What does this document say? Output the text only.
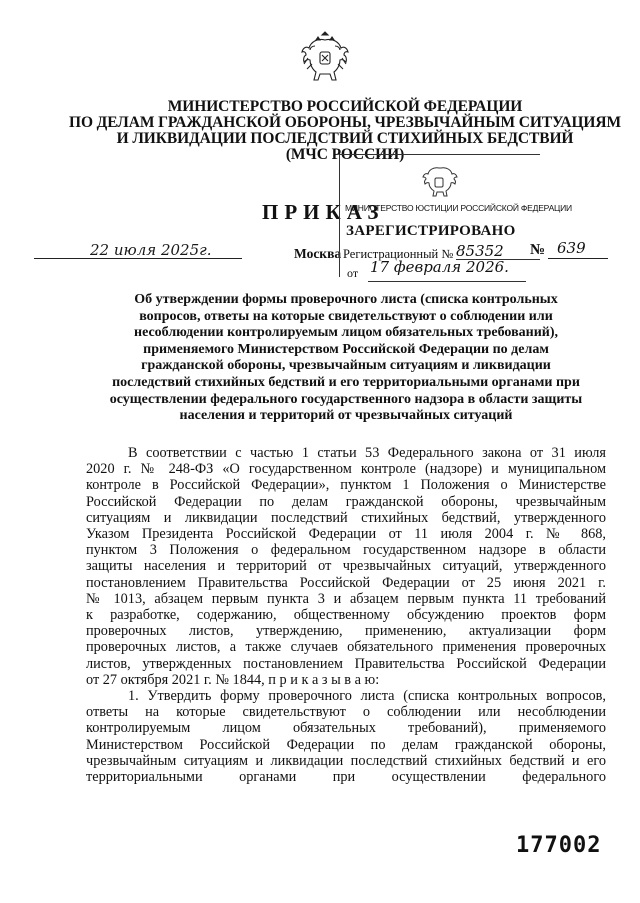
МИНИСТЕРСТВО РОССИЙСКОЙ ФЕДЕРАЦИИ
ПО ДЕЛАМ ГРАЖДАНСКОЙ ОБОРОНЫ, ЧРЕЗВЫЧАЙНЫМ СИТУАЦИЯМ
И ЛИКВИДАЦИИ ПОСЛЕДСТВИЙ СТИХИЙНЫХ БЕДСТВИЙ
(МЧС РОССИИ)
ПРИКАЗ
22 июля 2025г.	Москва	№ 639
МИНИСТЕРСТВО ЮСТИЦИИ РОССИЙСКОЙ ФЕДЕРАЦИИ
ЗАРЕГИСТРИРОВАНО
Регистрационный № 85352
от 17 февраля 2026.
Об утверждении формы проверочного листа (списка контрольных
вопросов, ответы на которые свидетельствуют о соблюдении или
несоблюдении контролируемым лицом обязательных требований),
применяемого Министерством Российской Федерации по делам
гражданской обороны, чрезвычайным ситуациям и ликвидации
последствий стихийных бедствий и его территориальными органами при
осуществлении федерального государственного надзора в области защиты
населения и территорий от чрезвычайных ситуаций
В соответствии с частью 1 статьи 53 Федерального закона от 31 июля
2020 г. № 248-ФЗ «О государственном контроле (надзоре) и муниципальном
контроле в Российской Федерации», пунктом 1 Положения о Министерстве
Российской Федерации по делам гражданской обороны, чрезвычайным
ситуациям и ликвидации последствий стихийных бедствий, утвержденного
Указом Президента Российской Федерации от 11 июля 2004 г. № 868,
пунктом 3 Положения о федеральном государственном надзоре в области
защиты населения и территорий от чрезвычайных ситуаций, утвержденного
постановлением Правительства Российской Федерации от 25 июня 2021 г.
№ 1013, абзацем первым пункта 3 и абзацем первым пункта 11 требований
к разработке, содержанию, общественному обсуждению проектов форм
проверочных листов, утверждению, применению, актуализации форм
проверочных листов, а также случаев обязательного применения проверочных
листов, утвержденных постановлением Правительства Российской Федерации
от 27 октября 2021 г. № 1844, п р и к а з ы в а ю:
1. Утвердить форму проверочного листа (списка контрольных вопросов,
ответы на которые свидетельствуют о соблюдении или несоблюдении
контролируемым лицом обязательных требований), применяемого
Министерством Российской Федерации по делам гражданской обороны,
чрезвычайным ситуациям и ликвидации последствий стихийных бедствий и его
территориальными органами при осуществлении федерального
177002
